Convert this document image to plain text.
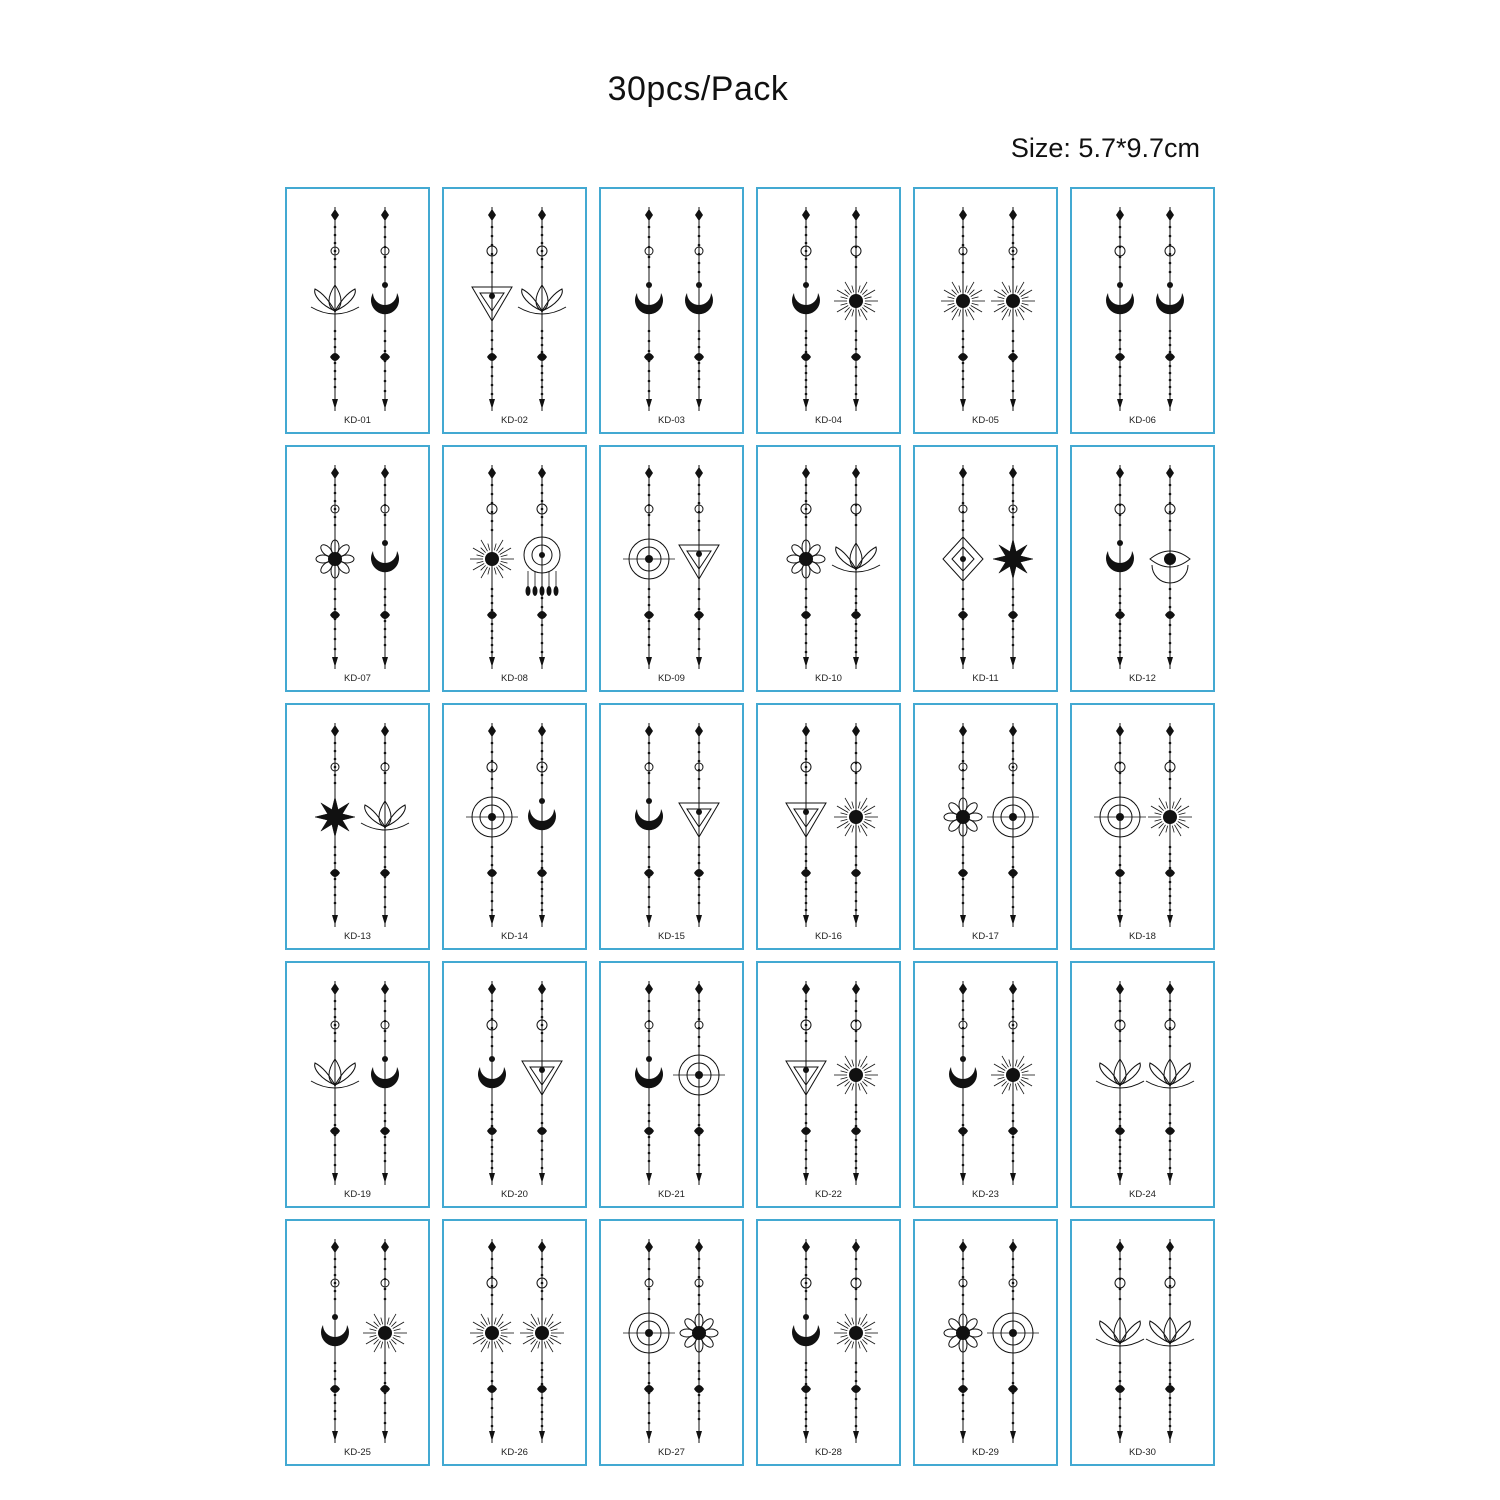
30pcs/Pack
Size: 5.7*9.7cm
KD-01	KD-02	KD-03	KD-04	KD-05	KD-06
KD-07	KD-08	KD-09	KD-10	KD-11	KD-12
KD-13	KD-14	KD-15	KD-16	KD-17	KD-18
KD-19	KD-20	KD-21	KD-22	KD-23	KD-24
KD-25	KD-26	KD-27	KD-28	KD-29	KD-30
